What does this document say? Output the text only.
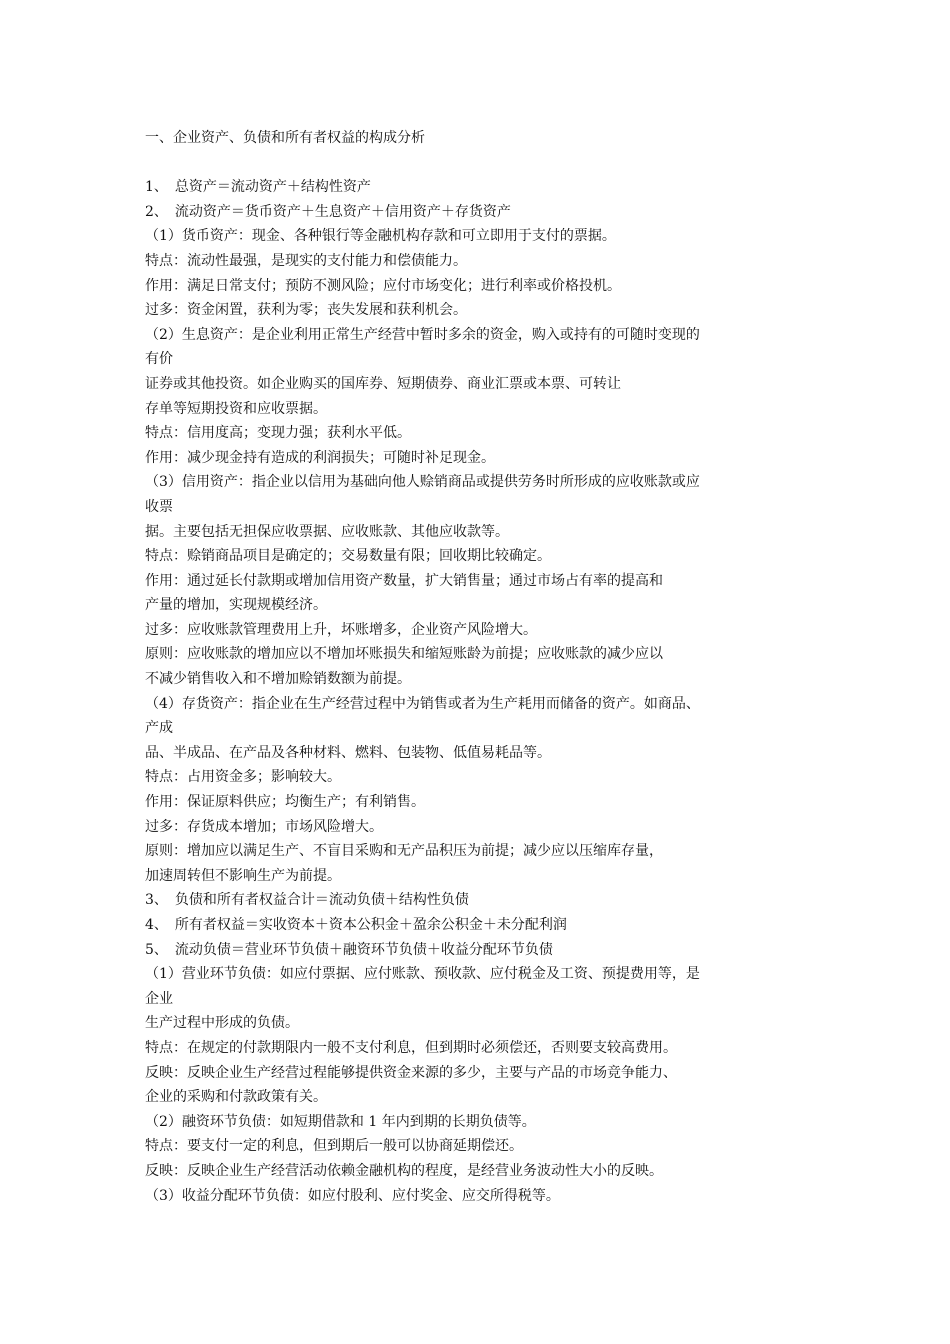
一、企业资产、负债和所有者权益的构成分析
1、　总资产＝流动资产＋结构性资产
2、　流动资产＝货币资产＋生息资产＋信用资产＋存货资产
（1）货币资产：现金、各种银行等金融机构存款和可立即用于支付的票据。
特点：流动性最强，是现实的支付能力和偿债能力。
作用：满足日常支付；预防不测风险；应付市场变化；进行利率或价格投机。
过多：资金闲置，获利为零；丧失发展和获利机会。
（2）生息资产：是企业利用正常生产经营中暂时多余的资金，购入或持有的可随时变现的
有价
证券或其他投资。如企业购买的国库券、短期债券、商业汇票或本票、可转让
存单等短期投资和应收票据。
特点：信用度高；变现力强；获利水平低。
作用：减少现金持有造成的利润损失；可随时补足现金。
（3）信用资产：指企业以信用为基础向他人赊销商品或提供劳务时所形成的应收账款或应
收票
据。主要包括无担保应收票据、应收账款、其他应收款等。
特点：赊销商品项目是确定的；交易数量有限；回收期比较确定。
作用：通过延长付款期或增加信用资产数量，扩大销售量；通过市场占有率的提高和
产量的增加，实现规模经济。
过多：应收账款管理费用上升，坏账增多，企业资产风险增大。
原则：应收账款的增加应以不增加坏账损失和缩短账龄为前提；应收账款的减少应以
不减少销售收入和不增加赊销数额为前提。
（4）存货资产：指企业在生产经营过程中为销售或者为生产耗用而储备的资产。如商品、
产成
品、半成品、在产品及各种材料、燃料、包装物、低值易耗品等。
特点：占用资金多；影响较大。
作用：保证原料供应；均衡生产；有利销售。
过多：存货成本增加；市场风险增大。
原则：增加应以满足生产、不盲目采购和无产品积压为前提；减少应以压缩库存量，
加速周转但不影响生产为前提。
3、　负债和所有者权益合计＝流动负债＋结构性负债
4、　所有者权益＝实收资本＋资本公积金＋盈余公积金＋未分配利润
5、　流动负债＝营业环节负债＋融资环节负债＋收益分配环节负债
（1）营业环节负债：如应付票据、应付账款、预收款、应付税金及工资、预提费用等，是
企业
生产过程中形成的负债。
特点：在规定的付款期限内一般不支付利息，但到期时必须偿还，否则要支较高费用。
反映：反映企业生产经营过程能够提供资金来源的多少，主要与产品的市场竞争能力、
企业的采购和付款政策有关。
（2）融资环节负债：如短期借款和 1 年内到期的长期负债等。
特点：要支付一定的利息，但到期后一般可以协商延期偿还。
反映：反映企业生产经营活动依赖金融机构的程度，是经营业务波动性大小的反映。
（3）收益分配环节负债：如应付股利、应付奖金、应交所得税等。
